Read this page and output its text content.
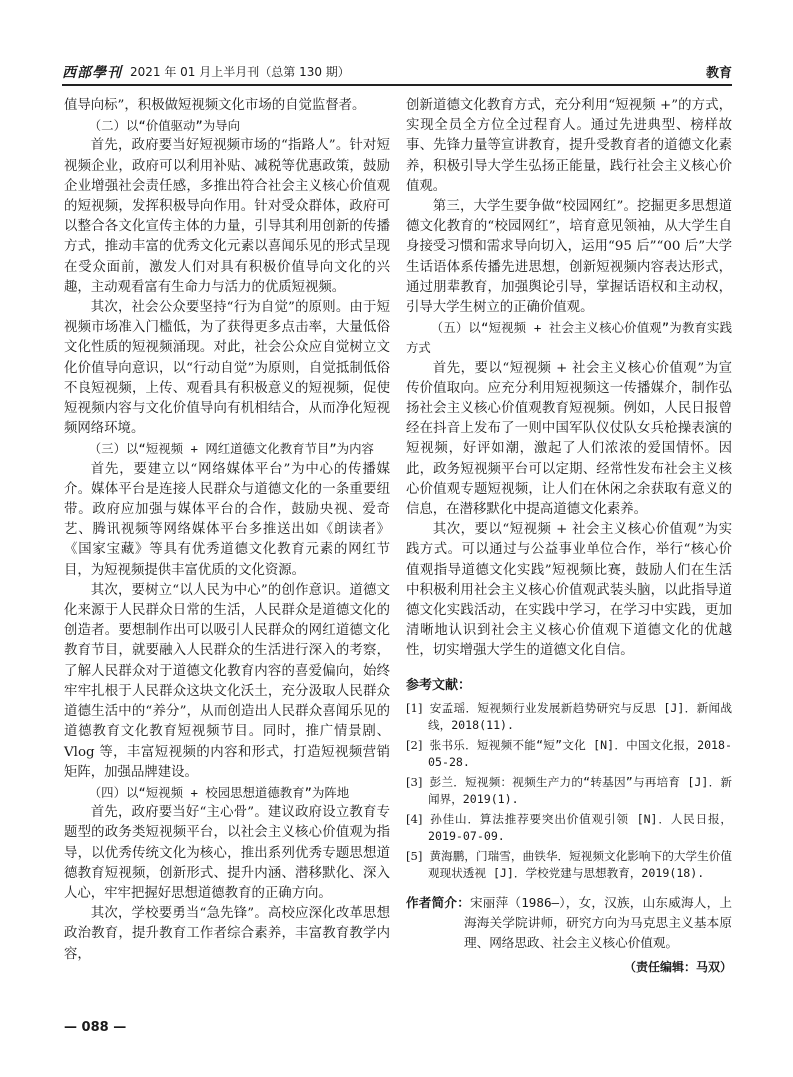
西部學刊 2021 年 01 月上半月刊（总第 130 期）	教育

值导向标”，积极做短视频文化市场的自觉监督者。

（二）以“价值驱动”为导向

首先，政府要当好短视频市场的“指路人”。针对短视频企业，政府可以利用补贴、减税等优惠政策，鼓励企业增强社会责任感，多推出符合社会主义核心价值观的短视频，发挥积极导向作用。针对受众群体，政府可以整合各文化宣传主体的力量，引导其利用创新的传播方式，推动丰富的优秀文化元素以喜闻乐见的形式呈现在受众面前，激发人们对具有积极价值导向文化的兴趣，主动观看富有生命力与活力的优质短视频。

其次，社会公众要坚持“行为自觉”的原则。由于短视频市场准入门槛低，为了获得更多点击率，大量低俗文化性质的短视频涌现。对此，社会公众应自觉树立文化价值导向意识，以“行动自觉”为原则，自觉抵制低俗不良短视频，上传、观看具有积极意义的短视频，促使短视频内容与文化价值导向有机相结合，从而净化短视频网络环境。

（三）以“短视频 + 网红道德文化教育节目”为内容

首先，要建立以“网络媒体平台”为中心的传播媒介。媒体平台是连接人民群众与道德文化的一条重要纽带。政府应加强与媒体平台的合作，鼓励央视、爱奇艺、腾讯视频等网络媒体平台多推送出如《朗读者》《国家宝藏》等具有优秀道德文化教育元素的网红节目，为短视频提供丰富优质的文化资源。

其次，要树立“以人民为中心”的创作意识。道德文化来源于人民群众日常的生活，人民群众是道德文化的创造者。要想制作出可以吸引人民群众的网红道德文化教育节目，就要融入人民群众的生活进行深入的考察，了解人民群众对于道德文化教育内容的喜爱偏向，始终牢牢扎根于人民群众这块文化沃土，充分汲取人民群众道德生活中的“养分”，从而创造出人民群众喜闻乐见的道德教育文化教育短视频节目。同时，推广情景剧、Vlog 等，丰富短视频的内容和形式，打造短视频营销矩阵，加强品牌建设。

（四）以“短视频 + 校园思想道德教育”为阵地

首先，政府要当好“主心骨”。建议政府设立教育专题型的政务类短视频平台，以社会主义核心价值观为指导，以优秀传统文化为核心，推出系列优秀专题思想道德教育短视频，创新形式、提升内涵、潜移默化、深入人心，牢牢把握好思想道德教育的正确方向。

其次，学校要勇当“急先锋”。高校应深化改革思想政治教育，提升教育工作者综合素养，丰富教育教学内容，

创新道德文化教育方式，充分利用“短视频 +”的方式，实现全员全方位全过程育人。通过先进典型、榜样故事、先锋力量等宣讲教育，提升受教育者的道德文化素养，积极引导大学生弘扬正能量，践行社会主义核心价值观。

第三，大学生要争做“校园网红”。挖掘更多思想道德文化教育的“校园网红”，培育意见领袖，从大学生自身接受习惯和需求导向切入，运用“95 后”“00 后”大学生话语体系传播先进思想，创新短视频内容表达形式，通过朋辈教育，加强舆论引导，掌握话语权和主动权，引导大学生树立的正确价值观。

（五）以“短视频 + 社会主义核心价值观”为教育实践方式

首先，要以“短视频 + 社会主义核心价值观”为宣传价值取向。应充分利用短视频这一传播媒介，制作弘扬社会主义核心价值观教育短视频。例如，人民日报曾经在抖音上发布了一则中国军队仪仗队女兵枪操表演的短视频，好评如潮，激起了人们浓浓的爱国情怀。因此，政务短视频平台可以定期、经常性发布社会主义核心价值观专题短视频，让人们在休闲之余获取有意义的信息，在潜移默化中提高道德文化素养。

其次，要以“短视频 + 社会主义核心价值观”为实践方式。可以通过与公益事业单位合作，举行“核心价值观指导道德文化实践”短视频比赛，鼓励人们在生活中积极利用社会主义核心价值观武装头脑，以此指导道德文化实践活动，在实践中学习，在学习中实践，更加清晰地认识到社会主义核心价值观下道德文化的优越性，切实增强大学生的道德文化自信。

参考文献：
[1] 安孟瑶．短视频行业发展新趋势研究与反思 [J]．新闻战线，2018(11).
[2] 张书乐．短视频不能“短”文化 [N]．中国文化报，2018-05-28.
[3] 彭兰．短视频：视频生产力的“转基因”与再培育 [J]．新闻界，2019(1).
[4] 孙佳山．算法推荐要突出价值观引领 [N]．人民日报，2019-07-09.
[5] 黄海鹏，门瑞雪，曲铁华．短视频文化影响下的大学生价值观现状透视 [J]．学校党建与思想教育，2019(18).
作者简介：宋丽萍（1986—），女，汉族，山东威海人，上海海关学院讲师，研究方向为马克思主义基本原理、网络思政、社会主义核心价值观。
（责任编辑：马双）
— 088 —
